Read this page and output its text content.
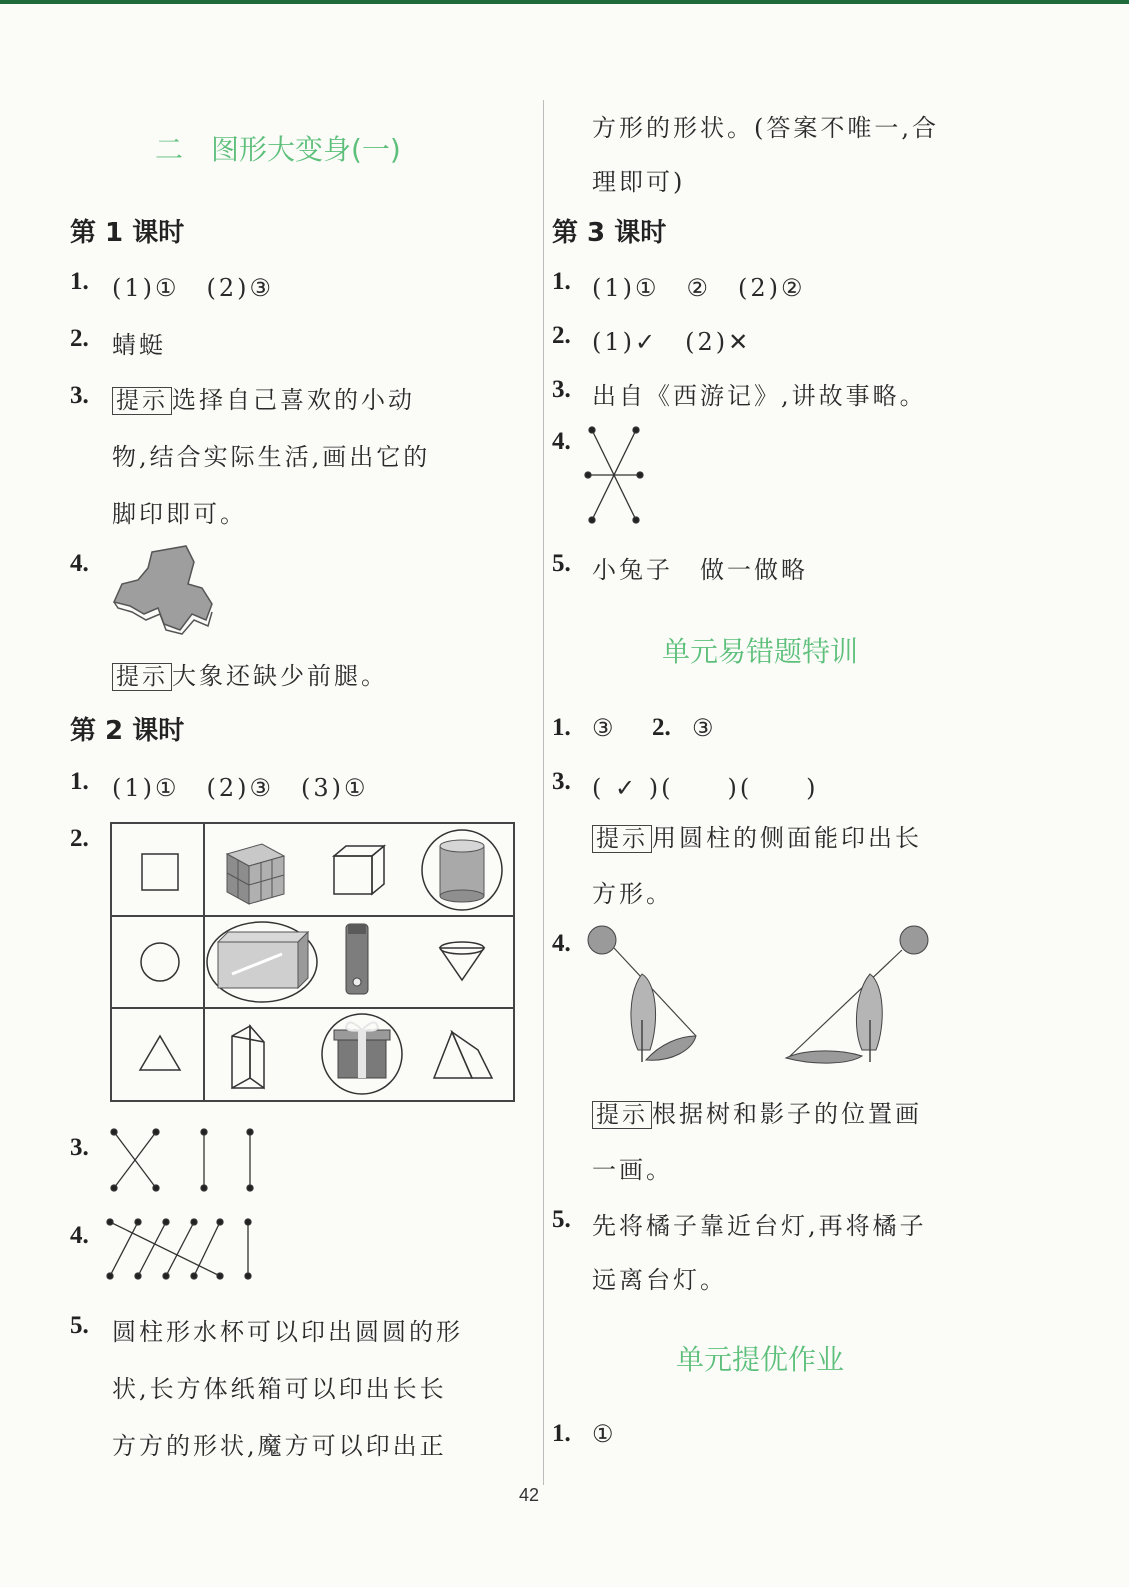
二　图形大变身(一)
第 1 课时
1. (1)①　(2)③
2. 蜻蜓
3. 提示 选择自己喜欢的小动
物,结合实际生活,画出它的
脚印即可。
4.
提示 大象还缺少前腿。
第 2 课时
1. (1)①　(2)③　(3)①
2.
3.
4.
5. 圆柱形水杯可以印出圆圆的形
状,长方体纸箱可以印出长长
方方的形状,魔方可以印出正
方形的形状。(答案不唯一,合
理即可)
第 3 课时
1. (1)①　②　(2)②
2. (1)✓　(2)✕
3. 出自《西游记》,讲故事略。
4.
5. 小兔子　做一做略
单元易错题特训
1. ③ 2. ③
3. ( ✓ )(　　)(　　)
提示 用圆柱的侧面能印出长
方形。
4.
提示 根据树和影子的位置画
一画。
5. 先将橘子靠近台灯,再将橘子
远离台灯。
单元提优作业
1. ①
42
